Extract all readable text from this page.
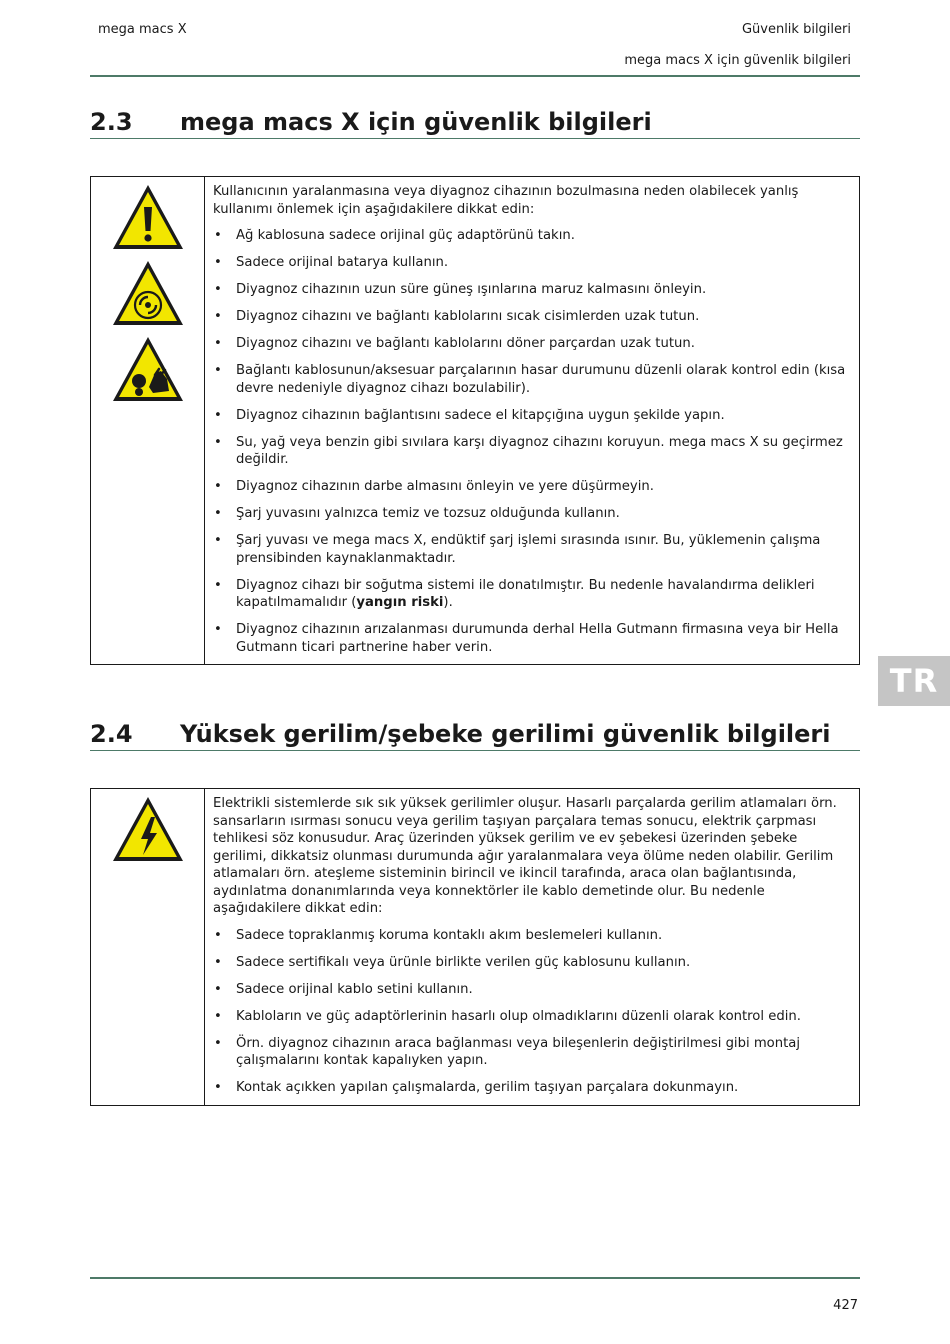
mega macs X	Güvenlik bilgileri
mega macs X için güvenlik bilgileri
2.3 mega macs X için güvenlik bilgileri

Kullanıcının yaralanmasına veya diyagnoz cihazının bozulmasına neden olabilecek yanlış kullanımı önlemek için aşağıdakilere dikkat edin:

• Ağ kablosuna sadece orijinal güç adaptörünü takın.
• Sadece orijinal batarya kullanın.
• Diyagnoz cihazının uzun süre güneş ışınlarına maruz kalmasını önleyin.
• Diyagnoz cihazını ve bağlantı kablolarını sıcak cisimlerden uzak tutun.
• Diyagnoz cihazını ve bağlantı kablolarını döner parçardan uzak tutun.
• Bağlantı kablosunun/aksesuar parçalarının hasar durumunu düzenli olarak kontrol edin (kısa devre nedeniyle diyagnoz cihazı bozulabilir).
• Diyagnoz cihazının bağlantısını sadece el kitapçığına uygun şekilde yapın.
• Su, yağ veya benzin gibi sıvılara karşı diyagnoz cihazını koruyun. mega macs X su geçirmez değildir.
• Diyagnoz cihazının darbe almasını önleyin ve yere düşürmeyin.
• Şarj yuvasını yalnızca temiz ve tozsuz olduğunda kullanın.
• Şarj yuvası ve mega macs X, endüktif şarj işlemi sırasında ısınır. Bu, yüklemenin çalışma prensibinden kaynaklanmaktadır.
• Diyagnoz cihazı bir soğutma sistemi ile donatılmıştır. Bu nedenle havalandırma delikleri kapatılmamalıdır (yangın riski).
• Diyagnoz cihazının arızalanması durumunda derhal Hella Gutmann firmasına veya bir Hella Gutmann ticari partnerine haber verin.
TR
2.4 Yüksek gerilim/şebeke gerilimi güvenlik bilgileri

Elektrikli sistemlerde sık sık yüksek gerilimler oluşur. Hasarlı parçalarda gerilim atlamaları örn. sansarların ısırması sonucu veya gerilim taşıyan parçalara temas sonucu, elektrik çarpması tehlikesi söz konusudur. Araç üzerinden yüksek gerilim ve ev şebekesi üzerinden şebeke gerilimi, dikkatsiz olunması durumunda ağır yaralanmalara veya ölüme neden olabilir. Gerilim atlamaları örn. ateşleme sisteminin birincil ve ikincil tarafında, araca olan bağlantısında, aydınlatma donanımlarında veya konnektörler ile kablo demetinde olur. Bu nedenle aşağıdakilere dikkat edin:

• Sadece topraklanmış koruma kontaklı akım beslemeleri kullanın.
• Sadece sertifikalı veya ürünle birlikte verilen güç kablosunu kullanın.
• Sadece orijinal kablo setini kullanın.
• Kabloların ve güç adaptörlerinin hasarlı olup olmadıklarını düzenli olarak kontrol edin.
• Örn. diyagnoz cihazının araca bağlanması veya bileşenlerin değiştirilmesi gibi montaj çalışmalarını kontak kapalıyken yapın.
• Kontak açıkken yapılan çalışmalarda, gerilim taşıyan parçalara dokunmayın.
427
